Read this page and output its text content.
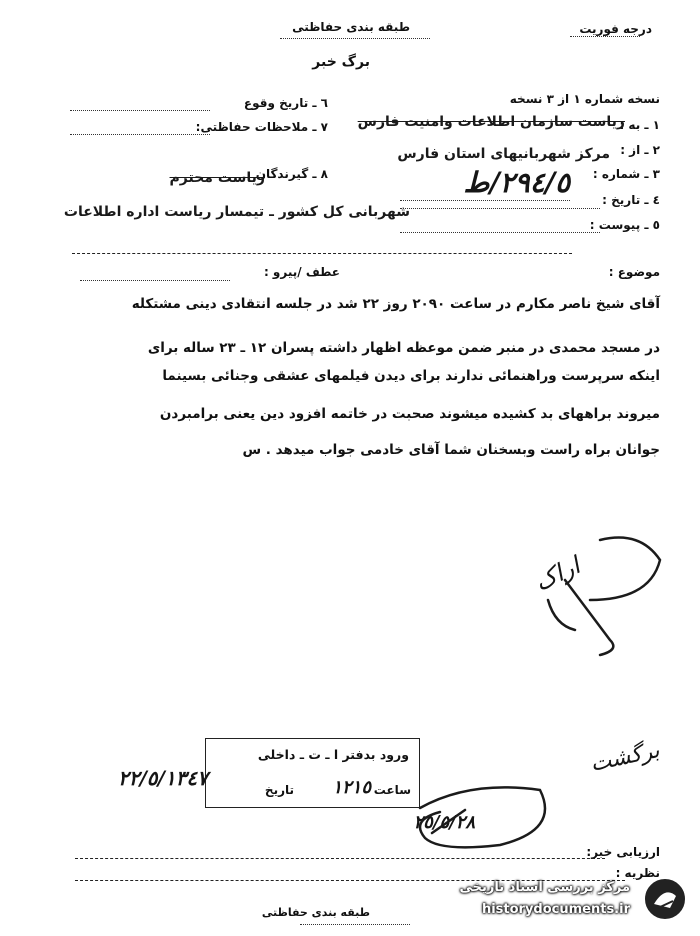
طبقه بندی حفاظتی	درجه فوریت
برگ خبر
نسخه شماره ١ از ٣ نسخه
١ ـ به :
ریاست سازمان اطلاعات وامنیت فارس
٢ ـ از :
مرکز شهربانیهای استان فارس
٣ ـ شماره :
٢٩٤/٥/ط
٤ ـ تاریخ :
٥ ـ پیوست :
٦ ـ تاریخ وقوع
٧ ـ ملاحظات حفاظتی:
٨ ـ گیرندگان
ریاست محترم
شهربانی کل کشور ـ تیمسار ریاست اداره اطلاعات
عطف /پیرو :	موضوع :
آقای شیخ ناصر مکارم در ساعت ٢٠٩٠ روز ٢٢ شد در جلسه انتقادی دینی مشتکله
در مسجد محمدی در منبر ضمن موعظه اظهار داشته پسران ١٢ ـ ٢٣ ساله برای
اینکه سرپرست وراهنمائی ندارند برای دیدن فیلمهای عشقی وجنائی بسینما
میروند براههای بد کشیده میشوند صحبت در خاتمه افزود دین یعنی برامبردن
جوانان براه راست وبسخنان شما آقای خادمی جواب میدهد . س
اراک
برگشت
٢٥/٥/٢٨
ورود بدفتر ا ـ ت ـ داخلی
ساعت
١٢١٥
تاریخ
٢٢/٥/١٣٤٧
ارزیابی خبر:
نظریه :
طبقه بندی حفاظتی
مرکز بررسی اسناد تاریخی
historydocuments.ir
